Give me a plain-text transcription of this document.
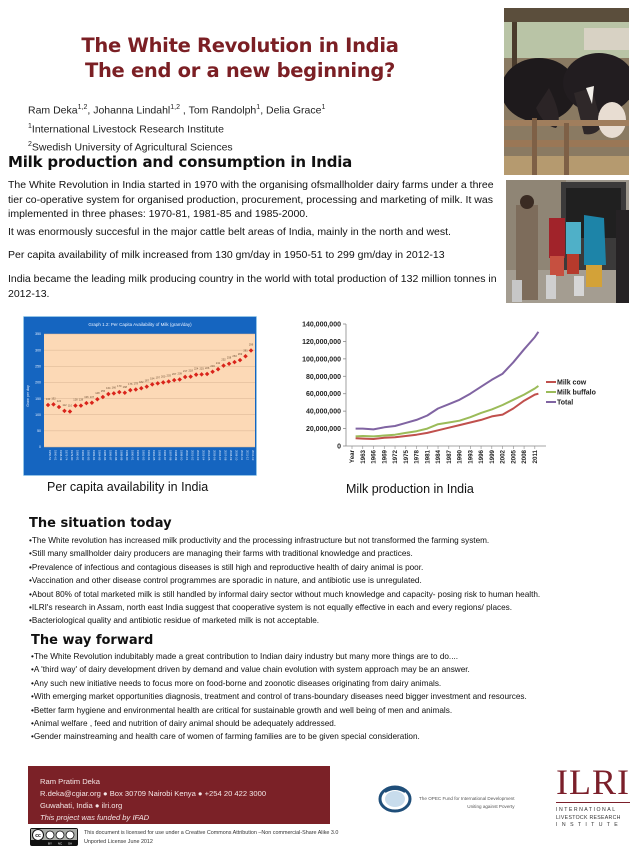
The White Revolution in India
The end or a new beginning?
Ram Deka$^{1,2}$, Johanna Lindahl$^{1,2}$ , Tom Randolph$^1$, Delia Grace$^1$
$^1$International Livestock Research Institute
$^2$Swedish University of Agricultural Sciences
Milk production and consumption in India
The White Revolution in India started in 1970 with the organising ofsmallholder dairy farms under a three tier co-operative system for organised production, procurement, processing and marketing of milk. It was implemented in three phases: 1970-81, 1981-85 and 1985-2000.
It was enormously succesful in the major cattle belt areas of India, mainly in the north and west.
Per capita availability of milk increased from 130 gm/day in 1950-51 to 299 gm/day in 2012-13
India became the leading milk producing country in the world with total production of 132 million tonnes in 2012-13.
Graph 1.2: Per Capita Availability of Milk (gram/day)
0
50
100
150
200
250
300
350
130 132
124
112 110
128 128
136 137
148
155
164 166 170 168
176 178 182
187
194 197 200 203 207 209
217 218
224 225 226
233
241
252
258
263
269
281
299
Gram per day
1950-51 1960-61 1968-69 1973-74 1979-80 1980-81 1981-82 1982-83 1983-84 1984-85 1985-86 1986-87 1987-88 1988-89 1989-90 1990-91 1991-92 1992-93 1993-94 1994-95 1995-96 1996-97 1997-98 1998-99 1999-00 2000-01 2001-02 2002-03 2003-04 2004-05 2005-06 2006-07 2007-08 2008-09 2009-10 2010-11 2011-12 2012-13
0
20,000,000
40,000,000
60,000,000
80,000,000
100,000,000
120,000,000
140,000,000
Year 1963 1966 1969 1972 1975 1978 1981 1984 1987 1990 1993 1996 1999 2002 2005 2008 2011
Milk cow
Milk buffalo
Total
Per capita availability in India	Milk production in India
The situation today
•The White revolution has increased milk productivity and the processing infrastructure but not transformed the farming system.
•Still many smallholder dairy producers are managing their farms with traditional knowledge and practices.
•Prevalence of infectious and contagious diseases is still high and reproductive health of dairy animal is poor.
•Vaccination and other disease control programmes are sporadic in nature, and antibiotic use is unregulated.
•About 80% of total marketed milk is still handled by informal dairy sector without much knowledge and capacity- posing risk to human health.
•ILRI's research in Assam, north east India suggest that cooperative system is not equally effective in each and every regions/ places.
•Bacteriological quality and antibiotic residue of marketed milk is not acceptable.
The way forward
•The White Revolution indubitably made a great contribution to Indian dairy industry but many more things are to do....
•A 'third way' of dairy development driven by demand and value chain evolution with system approach may be an answer.
•Any such new initiative needs to focus more on food-borne and zoonotic diseases originating from dairy animals.
•With emerging market opportunities diagnosis, treatment and control of trans-boundary diseases need bigger investment and resources.
•Better farm hygiene and environmental health are critical for sustainable growth and well being of men and animals.
•Animal welfare , feed and nutrition of dairy animal should be adequately addressed.
•Gender mainstreaming and health care of women of farming families are to be given special consideration.
Ram Pratim Deka
R.deka@cgiar.org ● Box 30709 Nairobi Kenya ● +254 20 422 3000
Guwahati, India ● ilri.org
This project was funded by IFAD
cc
BY NC SA
This document is licensed for use under a Creative Commons Attribution –Non commercial-Share Alike 3.0
Unported License June 2012
The OPEC Fund for International Development
Uniting against Poverty
ILRI
INTERNATIONAL
LIVESTOCK RESEARCH
I N S T I T U T E
